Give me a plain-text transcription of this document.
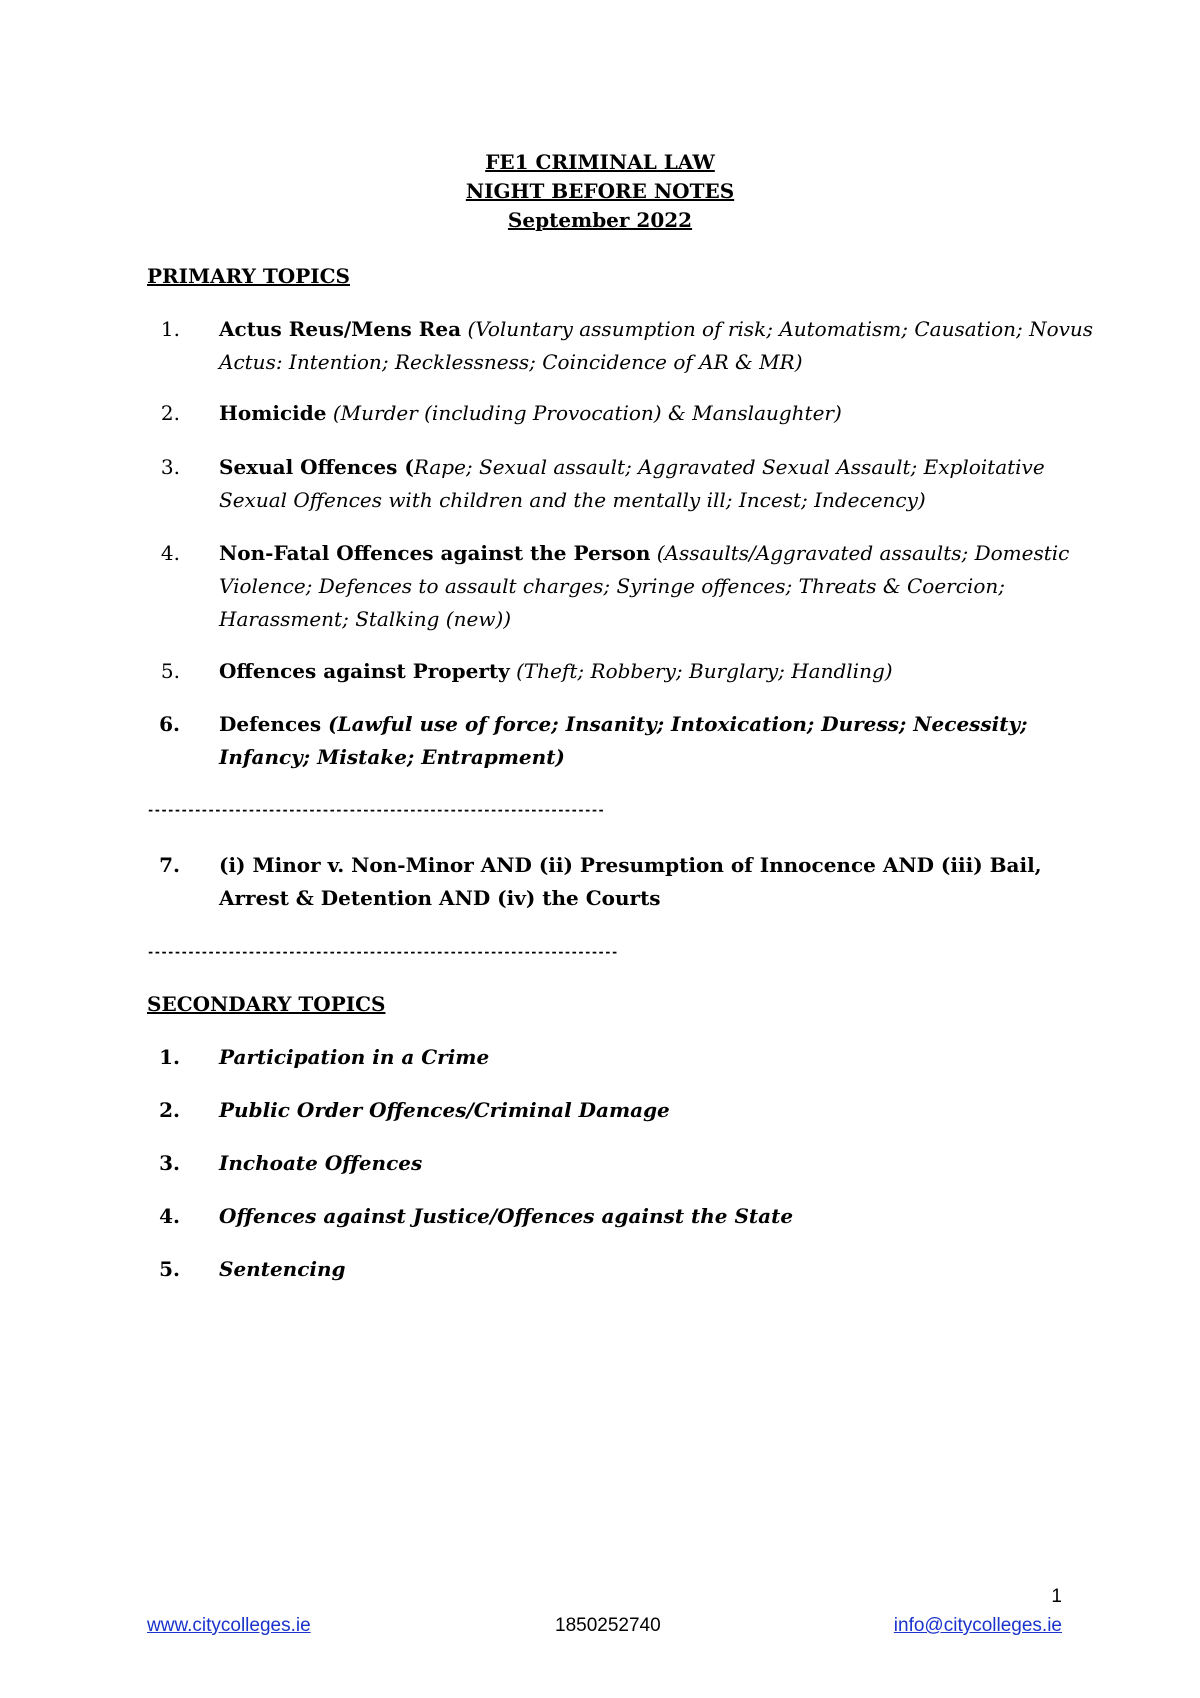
FE1 CRIMINAL LAW
NIGHT BEFORE NOTES
September 2022
PRIMARY TOPICS
1. Actus Reus/Mens Rea (Voluntary assumption of risk; Automatism; Causation; Novus Actus: Intention; Recklessness; Coincidence of AR & MR)
2. Homicide (Murder (including Provocation) & Manslaughter)
3. Sexual Offences (Rape; Sexual assault; Aggravated Sexual Assault; Exploitative Sexual Offences with children and the mentally ill; Incest; Indecency)
4. Non-Fatal Offences against the Person (Assaults/Aggravated assaults; Domestic Violence; Defences to assault charges; Syringe offences; Threats & Coercion; Harassment; Stalking (new))
5. Offences against Property (Theft; Robbery; Burglary; Handling)
6. Defences (Lawful use of force; Insanity; Intoxication; Duress; Necessity; Infancy; Mistake; Entrapment)
--------------------------------------------------------------------
7. (i) Minor v. Non-Minor AND (ii) Presumption of Innocence AND (iii) Bail, Arrest & Detention AND (iv) the Courts
----------------------------------------------------------------------
SECONDARY TOPICS
1. Participation in a Crime
2. Public Order Offences/Criminal Damage
3. Inchoate Offences
4. Offences against Justice/Offences against the State
5. Sentencing
1
www.citycolleges.ie	1850252740	info@citycolleges.ie
